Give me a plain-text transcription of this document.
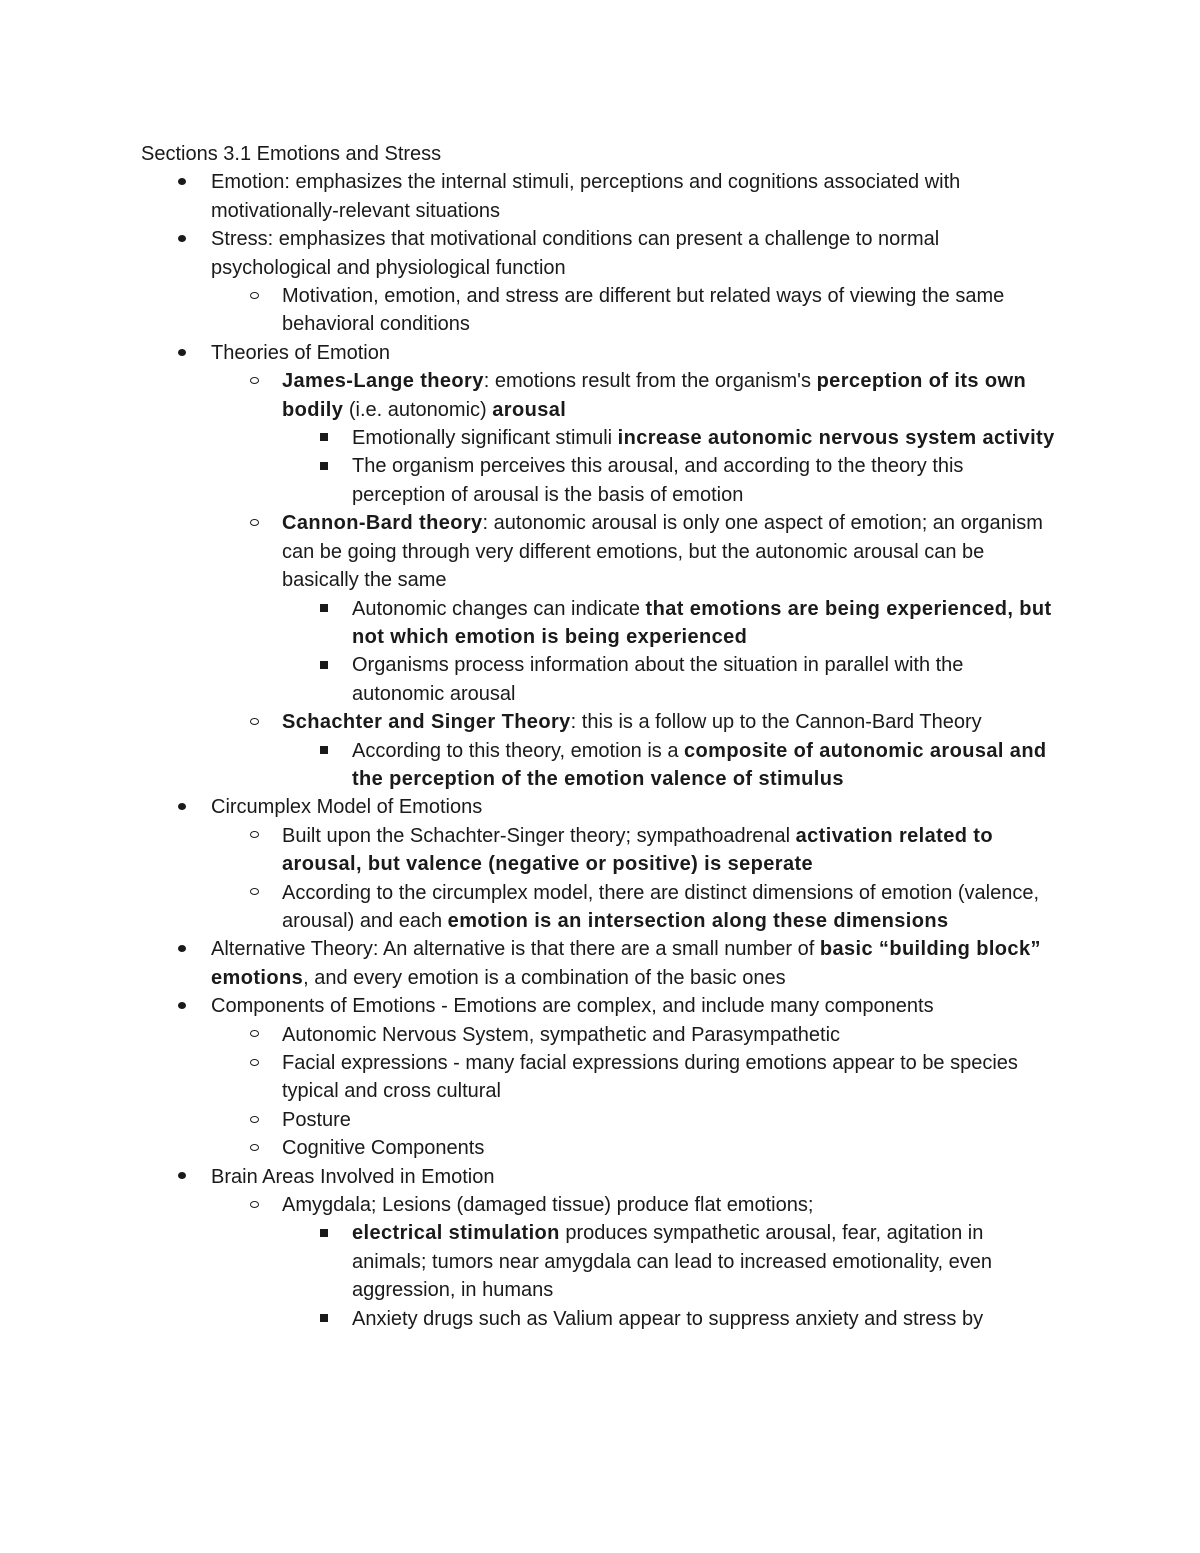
Sections 3.1 Emotions and Stress
Emotion: emphasizes the internal stimuli, perceptions and cognitions associated with motivationally-relevant situations
Stress: emphasizes that motivational conditions can present a challenge to normal psychological and physiological function
Motivation, emotion, and stress are different but related ways of viewing the same behavioral conditions
Theories of Emotion
James-Lange theory: emotions result from the organism's perception of its own bodily (i.e. autonomic) arousal
Emotionally significant stimuli increase autonomic nervous system activity
The organism perceives this arousal, and according to the theory this perception of arousal is the basis of emotion
Cannon-Bard theory: autonomic arousal is only one aspect of emotion; an organism can be going through very different emotions, but the autonomic arousal can be basically the same
Autonomic changes can indicate that emotions are being experienced, but not which emotion is being experienced
Organisms process information about the situation in parallel with the autonomic arousal
Schachter and Singer Theory: this is a follow up to the Cannon-Bard Theory
According to this theory, emotion is a composite of autonomic arousal and the perception of the emotion valence of stimulus
Circumplex Model of Emotions
Built upon the Schachter-Singer theory; sympathoadrenal activation related to arousal, but valence (negative or positive) is seperate
According to the circumplex model, there are distinct dimensions of emotion (valence, arousal) and each emotion is an intersection along these dimensions
Alternative Theory: An alternative is that there are a small number of basic “building block” emotions, and every emotion is a combination of the basic ones
Components of Emotions - Emotions are complex, and include many components
Autonomic Nervous System, sympathetic and Parasympathetic
Facial expressions - many facial expressions during emotions appear to be species typical and cross cultural
Posture
Cognitive Components
Brain Areas Involved in Emotion
Amygdala; Lesions (damaged tissue) produce flat emotions;
electrical stimulation produces sympathetic arousal, fear, agitation in animals; tumors near amygdala can lead to increased emotionality, even aggression, in humans
Anxiety drugs such as Valium appear to suppress anxiety and stress by
